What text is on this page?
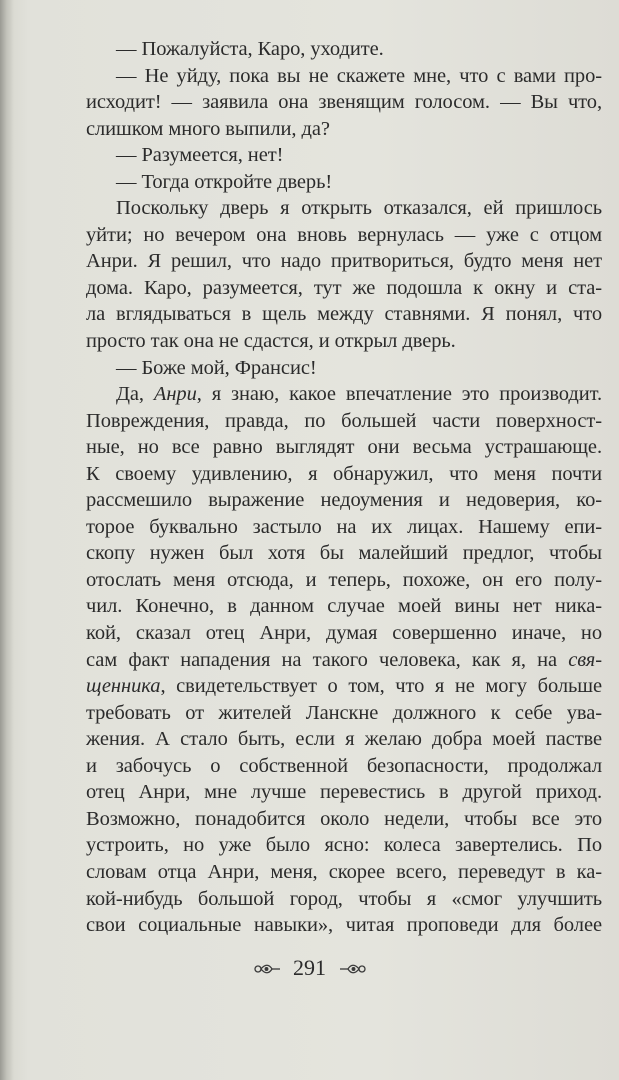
— Пожалуйста, Каро, уходите.
— Не уйду, пока вы не скажете мне, что с вами про-
исходит! — заявила она звенящим голосом. — Вы что,
слишком много выпили, да?
— Разумеется, нет!
— Тогда откройте дверь!
Поскольку дверь я открыть отказался, ей пришлось
уйти; но вечером она вновь вернулась — уже с отцом
Анри. Я решил, что надо притвориться, будто меня нет
дома. Каро, разумеется, тут же подошла к окну и ста-
ла вглядываться в щель между ставнями. Я понял, что
просто так она не сдастся, и открыл дверь.
— Боже мой, Франсис!
Да, Анри, я знаю, какое впечатление это производит.
Повреждения, правда, по большей части поверхност-
ные, но все равно выглядят они весьма устрашающе.
К своему удивлению, я обнаружил, что меня почти
рассмешило выражение недоумения и недоверия, ко-
торое буквально застыло на их лицах. Нашему епи-
скопу нужен был хотя бы малейший предлог, чтобы
отослать меня отсюда, и теперь, похоже, он его полу-
чил. Конечно, в данном случае моей вины нет ника-
кой, сказал отец Анри, думая совершенно иначе, но
сам факт нападения на такого человека, как я, на свя-
щенника, свидетельствует о том, что я не могу больше
требовать от жителей Ланскне должного к себе ува-
жения. А стало быть, если я желаю добра моей пастве
и забочусь о собственной безопасности, продолжал
отец Анри, мне лучше перевестись в другой приход.
Возможно, понадобится около недели, чтобы все это
устроить, но уже было ясно: колеса завертелись. По
словам отца Анри, меня, скорее всего, переведут в ка-
кой-нибудь большой город, чтобы я «смог улучшить
свои социальные навыки», читая проповеди для более
291
